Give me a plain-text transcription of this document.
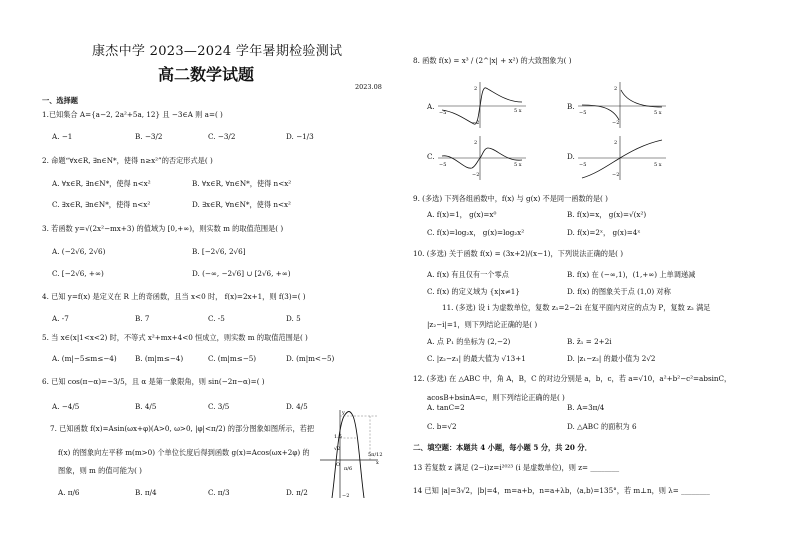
康杰中学 2023—2024 学年暑期检验测试
高二数学试题
2023.08
一、选择题
1.已知集合 A={a−2, 2a²+5a, 12} 且 −3∈A 则 a=( )
A. −1	B. −3/2	C. −3/2	D. −1/3
2. 命题“∀x∈R, ∃n∈N*，使得 n≥x²”的否定形式是( )
A. ∀x∈R, ∃n∈N*，使得 n<x²	B. ∀x∈R, ∀n∈N*，使得 n<x²
C. ∃x∈R, ∃n∈N*，使得 n<x²	D. ∃x∈R, ∀n∈N*，使得 n<x²
3. 若函数 y=√(2x²−mx+3) 的值域为 [0,+∞)，则实数 m 的取值范围是( )
A. (−2√6, 2√6)	B. [−2√6, 2√6]
C. [−2√6, +∞)	D. (−∞, −2√6] ∪ [2√6, +∞)
4. 已知 y=f(x) 是定义在 R 上的奇函数，且当 x<0 时， f(x)=2x+1，则 f(3)=( )
A. -7	B. 7	C. -5	D. 5
5. 当 x∈(x|1<x<2) 时，不等式 x²+mx+4<0 恒成立，则实数 m 的取值范围是( )
A. (m|−5≤m≤−4)	B. (m|m≤−4)	C. (m|m≤−5)	D. (m|m<−5)
6. 已知 cos(π−α)=−3/5，且 α 是第一象限角，则 sin(−2π−α)=( )
A. −4/5	B. 4/5	C. 3/5	D. 4/5
7. 已知函数 f(x)=Asin(ωx+φ)(A>0, ω>0, |φ|<π/2) 的部分图象如图所示，若把
f(x) 的图象向左平移 m(m>0) 个单位长度后得到函数 g(x)=Acos(ωx+2φ) 的
图象，则 m 的值可能为( )
A. π/6	B. π/4	C. π/3	D. π/2
1.5
√2
O
π/6
5π/12
x
y
−2
8. 函数 f(x) = x³ / (2^|x| + x²) 的大致图象为( )
A.
−5	5 x
2
−2
B.
−5	5 x
2
−2
C.
−5	5 x
2
−2
D.
−5	5 x
2
−2
9. (多选) 下列各组函数中，f(x) 与 g(x) 不是同一函数的是( )
A. f(x)=1， g(x)=x⁰	B. f(x)=x， g(x)=√(x²)
C. f(x)=log₂x， g(x)=log₂x²	D. f(x)=2ˣ， g(x)=4ˣ
10. (多选) 关于函数 f(x) = (3x+2)/(x−1)，下列说法正确的是( )
A. f(x) 有且仅有一个零点	B. f(x) 在 (−∞,1)，(1,+∞) 上单调递减
C. f(x) 的定义域为 {x|x≠1}	D. f(x) 的图象关于点 (1,0) 对称
11. (多选) 设 i 为虚数单位，复数 z₁=2−2i 在复平面内对应的点为 P，复数 z₂ 满足
|z₂−i|=1，则下列结论正确的是( )
A. 点 P₁ 的坐标为 (2,−2)	B. z̄₁ = 2+2i
C. |z₂−z₁| 的最大值为 √13+1	D. |z₁−z₂| 的最小值为 2√2
12. (多选) 在 △ABC 中，角 A，B，C 的对边分别是 a，b，c，若 a=√10，a²+b²−c²=absinC，
acosB+bsinA=c，则下列结论正确的是( )
A. tanC=2	B. A=3π/4
C. b=√2	D. △ABC 的面积为 6
二、填空题：本题共 4 小题，每小题 5 分，共 20 分．
13 若复数 z 满足 (2−i)z=i²⁰²³ (i 是虚数单位)，则 z= ________
14 已知 |a|=3√2，|b|=4，m=a+b，n=a+λb，⟨a,b⟩=135°，若 m⊥n，则 λ= ________
